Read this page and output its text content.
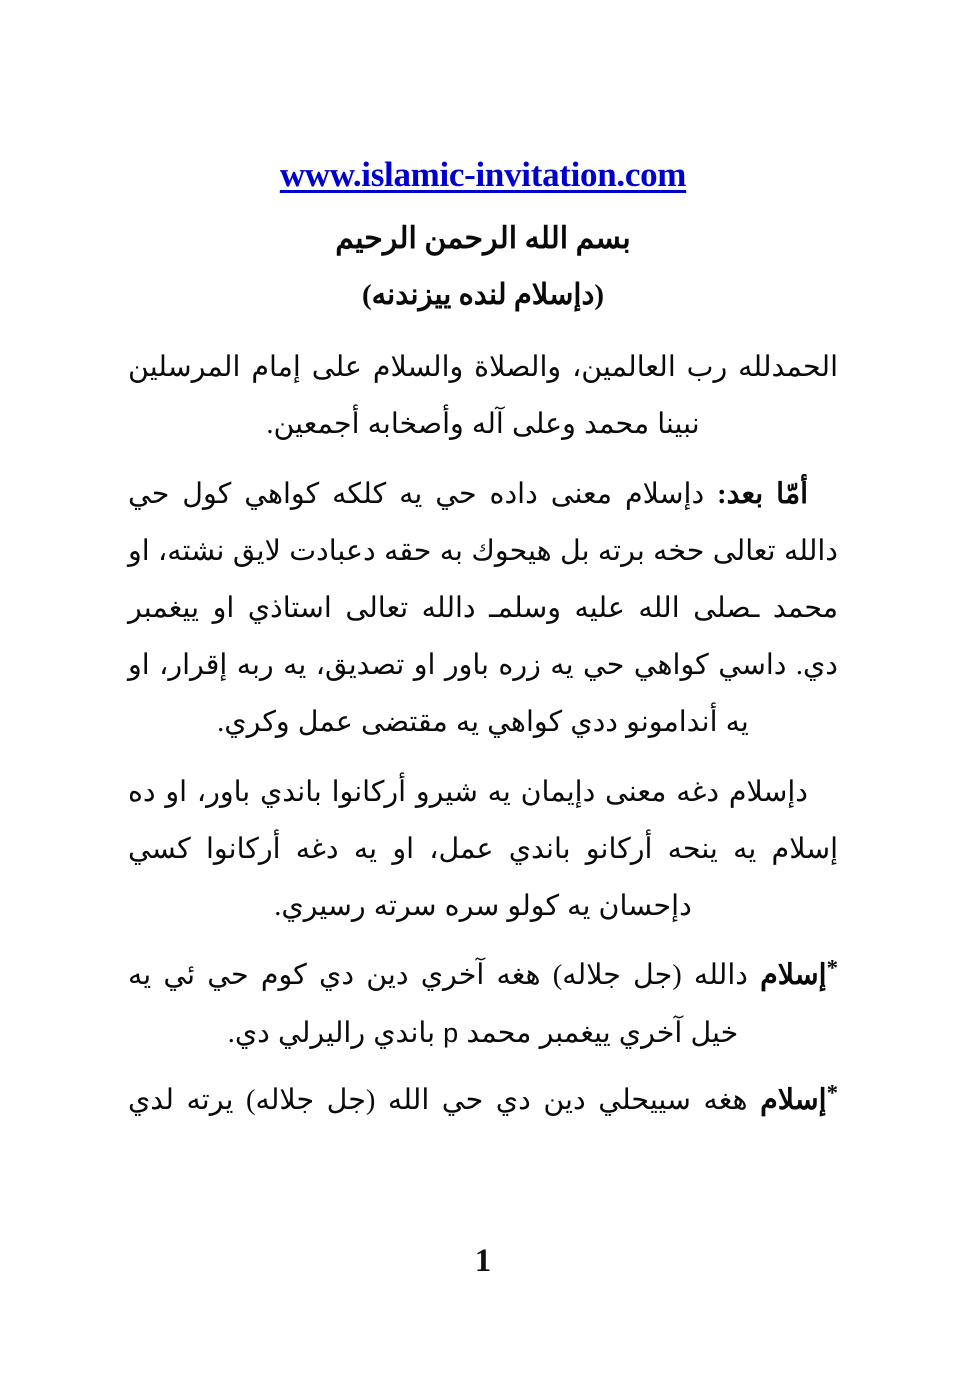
www.islamic-invitation.com
بسم الله الرحمن الرحيم
(دإسلام لنده ييزندنه)

الحمدلله رب العالمين، والصلاة والسلام على إمام المرسلين نبينا محمد وعلى آله وأصخابه أجمعين.

أمّا بعد: دإسلام معنى داده حي يه كلكه كواهي كول حي دالله تعالى حخه برته بل هيحوك به حقه دعبادت لايق نشته، او محمد ـصلى الله عليه وسلمـ دالله تعالى استاذي او ييغمبر دي. داسي كواهي حي يه زره باور او تصديق، يه ربه إقرار، او يه أندامونو ددي كواهي يه مقتضى عمل وكري.

دإسلام دغه معنى دإيمان يه شيرو أركانوا باندي باور، او ده إسلام يه ينحه أركانو باندي عمل، او يه دغه أركانوا كسي دإحسان يه كولو سره سرته رسيري.

*إسلام دالله (جل جلاله) هغه آخري دين دي كوم حي ئي يه خيل آخري ييغمبر محمد p باندي راليرلي دي.

*إسلام هغه سييحلي دين دي حي الله (جل جلاله) يرته لدي

1
